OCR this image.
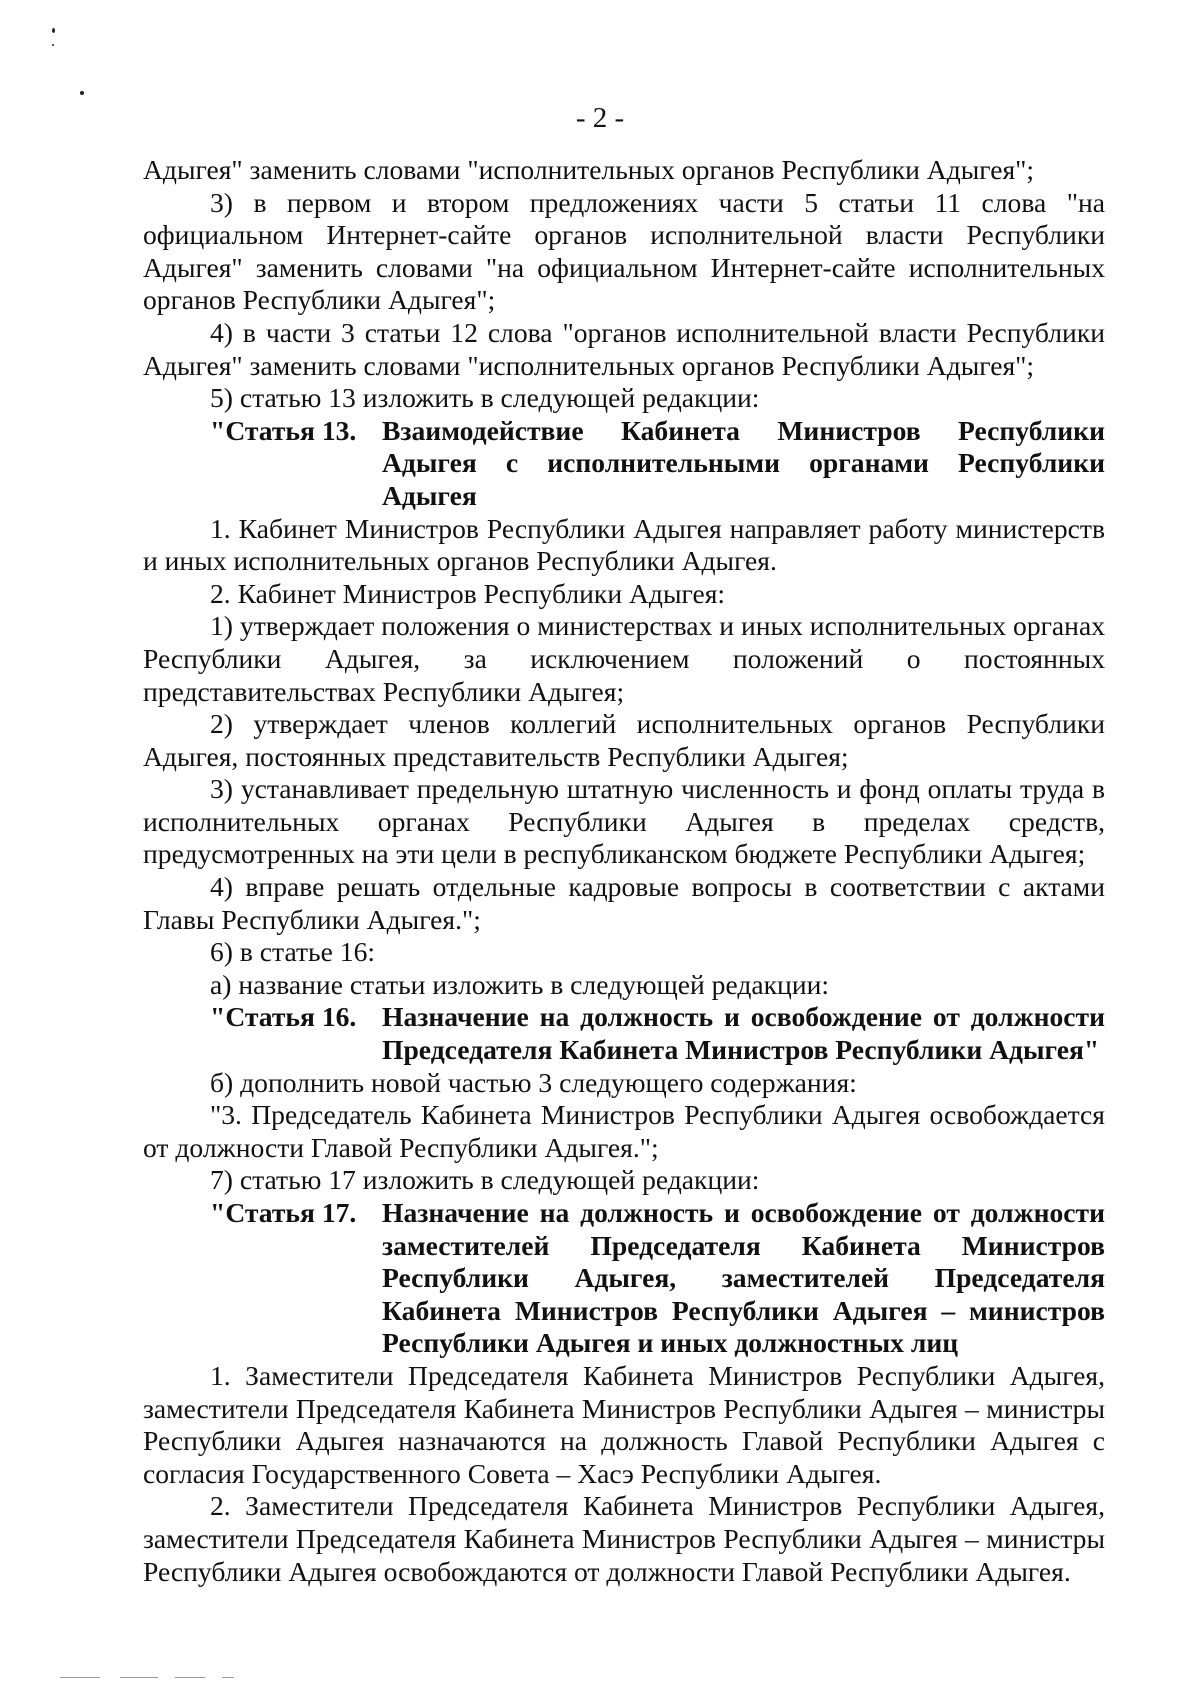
- 2 -

Адыгея" заменить словами "исполнительных органов Республики Адыгея";

3) в первом и втором предложениях части 5 статьи 11 слова "на официальном Интернет-сайте органов исполнительной власти Республики Адыгея" заменить словами "на официальном Интернет-сайте исполнительных органов Республики Адыгея";

4) в части 3 статьи 12 слова "органов исполнительной власти Республики Адыгея" заменить словами "исполнительных органов Республики Адыгея";

5) статью 13 изложить в следующей редакции:

"Статья 13. Взаимодействие Кабинета Министров Республики Адыгея с исполнительными органами Республики Адыгея

1. Кабинет Министров Республики Адыгея направляет работу министерств и иных исполнительных органов Республики Адыгея.

2. Кабинет Министров Республики Адыгея:

1) утверждает положения о министерствах и иных исполнительных органах Республики Адыгея, за исключением положений о постоянных представительствах Республики Адыгея;

2) утверждает членов коллегий исполнительных органов Республики Адыгея, постоянных представительств Республики Адыгея;

3) устанавливает предельную штатную численность и фонд оплаты труда в исполнительных органах Республики Адыгея в пределах средств, предусмотренных на эти цели в республиканском бюджете Республики Адыгея;

4) вправе решать отдельные кадровые вопросы в соответствии с актами Главы Республики Адыгея.";

6) в статье 16:

а) название статьи изложить в следующей редакции:

"Статья 16. Назначение на должность и освобождение от должности Председателя Кабинета Министров Республики Адыгея"

б) дополнить новой частью 3 следующего содержания:

"3. Председатель Кабинета Министров Республики Адыгея освобождается от должности Главой Республики Адыгея.";

7) статью 17 изложить в следующей редакции:

"Статья 17. Назначение на должность и освобождение от должности заместителей Председателя Кабинета Министров Республики Адыгея, заместителей Председателя Кабинета Министров Республики Адыгея – министров Республики Адыгея и иных должностных лиц

1. Заместители Председателя Кабинета Министров Республики Адыгея, заместители Председателя Кабинета Министров Республики Адыгея – министры Республики Адыгея назначаются на должность Главой Республики Адыгея с согласия Государственного Совета – Хасэ Республики Адыгея.

2. Заместители Председателя Кабинета Министров Республики Адыгея, заместители Председателя Кабинета Министров Республики Адыгея – министры Республики Адыгея освобождаются от должности Главой Республики Адыгея.
